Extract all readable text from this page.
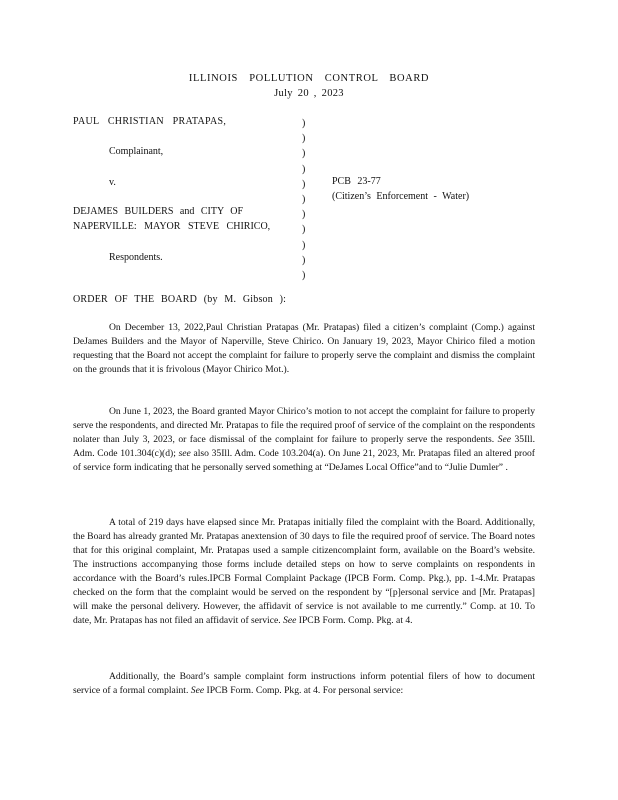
ILLINOIS POLLUTION CONTROL BOARD
July 20 , 2023
PAUL CHRISTIAN PRATAPAS,
Complainant,
v.
DEJAMES BUILDERS and CITY OF
NAPERVILLE: MAYOR STEVE CHIRICO,
Respondents.
)
)
)
)
)
)
)
)
)
)
)
PCB 23-77
(Citizen’s Enforcement - Water)
ORDER OF THE BOARD (by M. Gibson ):

On December 13, 2022,Paul Christian Pratapas (Mr. Pratapas) filed a citizen’s complaint (Comp.) against DeJames Builders and the Mayor of Naperville, Steve Chirico. On January 19, 2023, Mayor Chirico filed a motion requesting that the Board not accept the complaint for failure to properly serve the complaint and dismiss the complaint on the grounds that it is frivolous (Mayor Chirico Mot.).

On June 1, 2023, the Board granted Mayor Chirico’s motion to not accept the complaint for failure to properly serve the respondents, and directed Mr. Pratapas to file the required proof of service of the complaint on the respondents nolater than July 3, 2023, or face dismissal of the complaint for failure to properly serve the respondents. See 35Ill. Adm. Code 101.304(c)(d); see also 35Ill. Adm. Code 103.204(a). On June 21, 2023, Mr. Pratapas filed an altered proof of service form indicating that he personally served something at “DeJames Local Office”and to “Julie Dumler” .

A total of 219 days have elapsed since Mr. Pratapas initially filed the complaint with the Board. Additionally, the Board has already granted Mr. Pratapas anextension of 30 days to file the required proof of service. The Board notes that for this original complaint, Mr. Pratapas used a sample citizencomplaint form, available on the Board’s website. The instructions accompanying those forms include detailed steps on how to serve complaints on respondents in accordance with the Board’s rules.IPCB Formal Complaint Package (IPCB Form. Comp. Pkg.), pp. 1-4.Mr. Pratapas checked on the form that the complaint would be served on the respondent by “[p]ersonal service and [Mr. Pratapas] will make the personal delivery. However, the affidavit of service is not available to me currently.” Comp. at 10. To date, Mr. Pratapas has not filed an affidavit of service. See IPCB Form. Comp. Pkg. at 4.

Additionally, the Board’s sample complaint form instructions inform potential filers of how to document service of a formal complaint. See IPCB Form. Comp. Pkg. at 4. For personal service:
